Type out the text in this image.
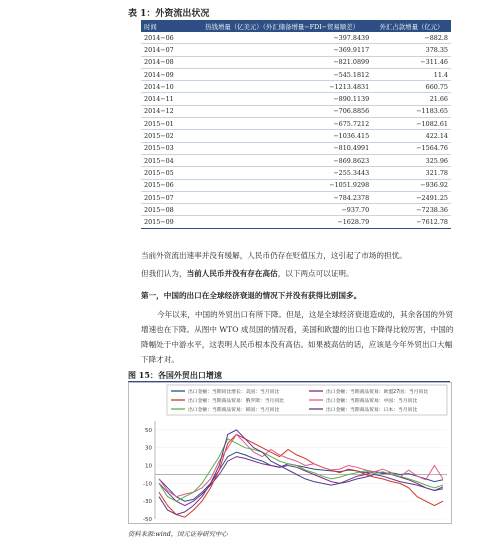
表 1：外资流出状况
时间	热钱增量（亿美元）（外汇储备增量−FDI−贸易顺差）	外汇占款增量（亿元）
2014−06	−397.8439	−882.8
2014−07	−369.9117	378.35
2014−08	−821.0899	−311.46
2014−09	−545.1812	11.4
2014−10	−1213.4831	660.75
2014−11	−890.1139	21.66
2014−12	−706.8856	−1183.65
2015−01	−675.7212	−1082.61
2015−02	−1036.415	422.14
2015−03	−810.4991	−1564.76
2015−04	−869.8623	325.96
2015−05	−255.3443	321.78
2015−06	−1051.9298	−936.92
2015−07	−784.2378	−2491.25
2015−08	−937.70	−7238.36
2015−09	−1628.79	−7612.78
当前外资流出速率并没有缓解，人民币仍存在贬值压力，这引起了市场的担忧。
但我们认为，当前人民币并没有存在高估，以下两点可以证明。
第一，中国的出口在全球经济衰退的情况下并没有获得比别国多。
今年以来，中国的外贸出口有所下降。但是，这是全球经济衰退造成的，其余各国的外贸增速也在下降。从图中 WTO 成员国的情况看，美国和欧盟的出口也下降得比较厉害，中国的降幅处于中游水平，这表明人民币根本没有高估。如果被高估的话，应该是今年外贸出口大幅下降才对。
图 15：各国外贸出口增速
出口金额：当期同比增长：美国：当月同比	出口金额：当期商品贸易：欧盟27国：当月同比
出口金额：当期商品贸易：俄罗斯：当月同比	出口金额：当期商品贸易：中国：当月同比
出口金额：当期商品贸易：韩国：当月同比	出口金额：当期商品贸易：日本：当月同比
50
30
10
-10
-30
-50
资料来源:wind，国元证券研究中心
